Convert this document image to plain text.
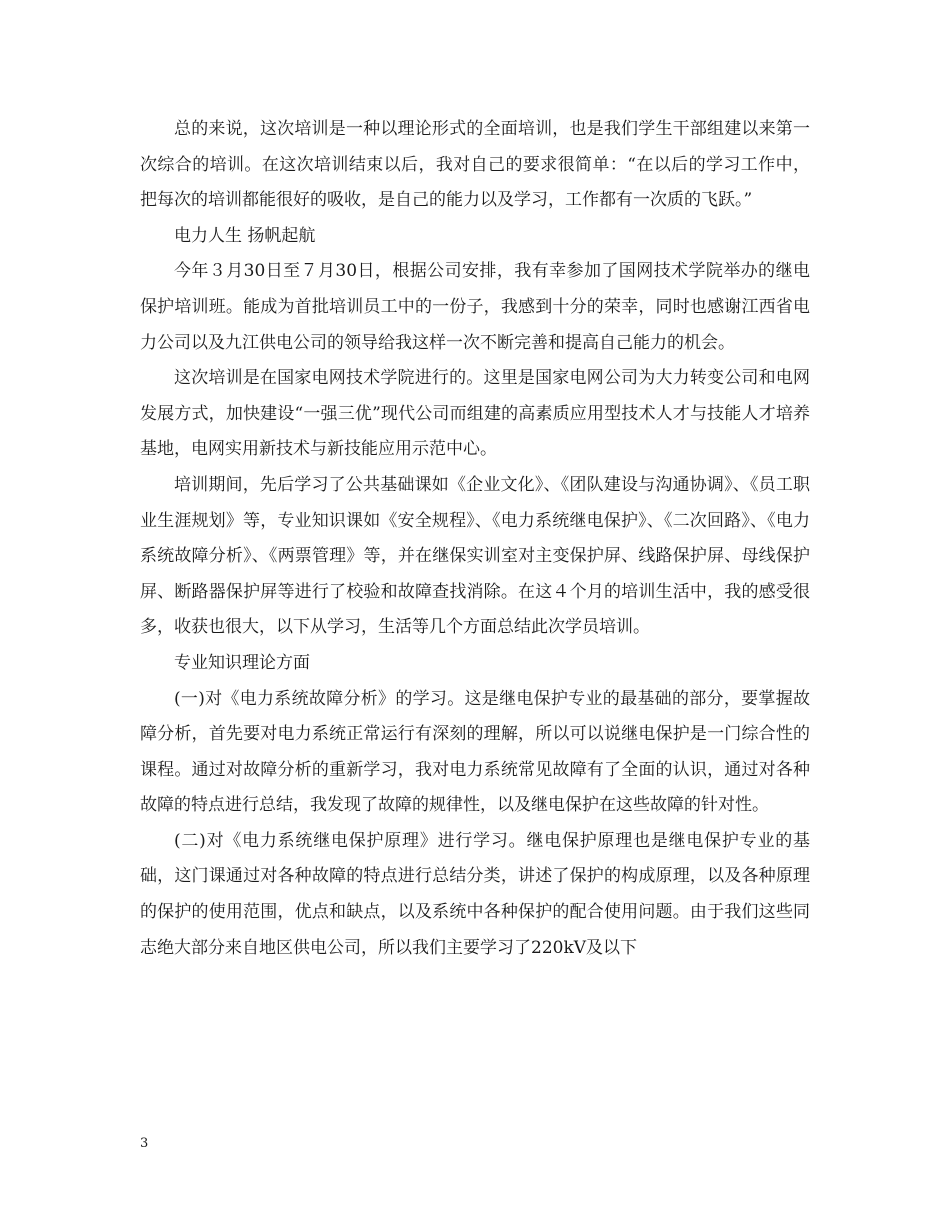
总的来说，这次培训是一种以理论形式的全面培训，也是我们学生干部组建以来第一次综合的培训。在这次培训结束以后，我对自己的要求很简单：“在以后的学习工作中，把每次的培训都能很好的吸收，是自己的能力以及学习，工作都有一次质的飞跃。”

电力人生 扬帆起航

今年３月30日至７月30日，根据公司安排，我有幸参加了国网技术学院举办的继电保护培训班。能成为首批培训员工中的一份子，我感到十分的荣幸，同时也感谢江西省电力公司以及九江供电公司的领导给我这样一次不断完善和提高自己能力的机会。

这次培训是在国家电网技术学院进行的。这里是国家电网公司为大力转变公司和电网发展方式，加快建设“一强三优”现代公司而组建的高素质应用型技术人才与技能人才培养基地，电网实用新技术与新技能应用示范中心。

培训期间，先后学习了公共基础课如《企业文化》、《团队建设与沟通协调》、《员工职业生涯规划》等，专业知识课如《安全规程》、《电力系统继电保护》、《二次回路》、《电力系统故障分析》、《两票管理》等，并在继保实训室对主变保护屏、线路保护屏、母线保护屏、断路器保护屏等进行了校验和故障查找消除。在这４个月的培训生活中，我的感受很多，收获也很大，以下从学习，生活等几个方面总结此次学员培训。

专业知识理论方面

(一)对《电力系统故障分析》的学习。这是继电保护专业的最基础的部分，要掌握故障分析，首先要对电力系统正常运行有深刻的理解，所以可以说继电保护是一门综合性的课程。通过对故障分析的重新学习，我对电力系统常见故障有了全面的认识，通过对各种故障的特点进行总结，我发现了故障的规律性，以及继电保护在这些故障的针对性。

(二)对《电力系统继电保护原理》进行学习。继电保护原理也是继电保护专业的基础，这门课通过对各种故障的特点进行总结分类，讲述了保护的构成原理，以及各种原理的保护的使用范围，优点和缺点，以及系统中各种保护的配合使用问题。由于我们这些同志绝大部分来自地区供电公司，所以我们主要学习了220kV及以下

3
